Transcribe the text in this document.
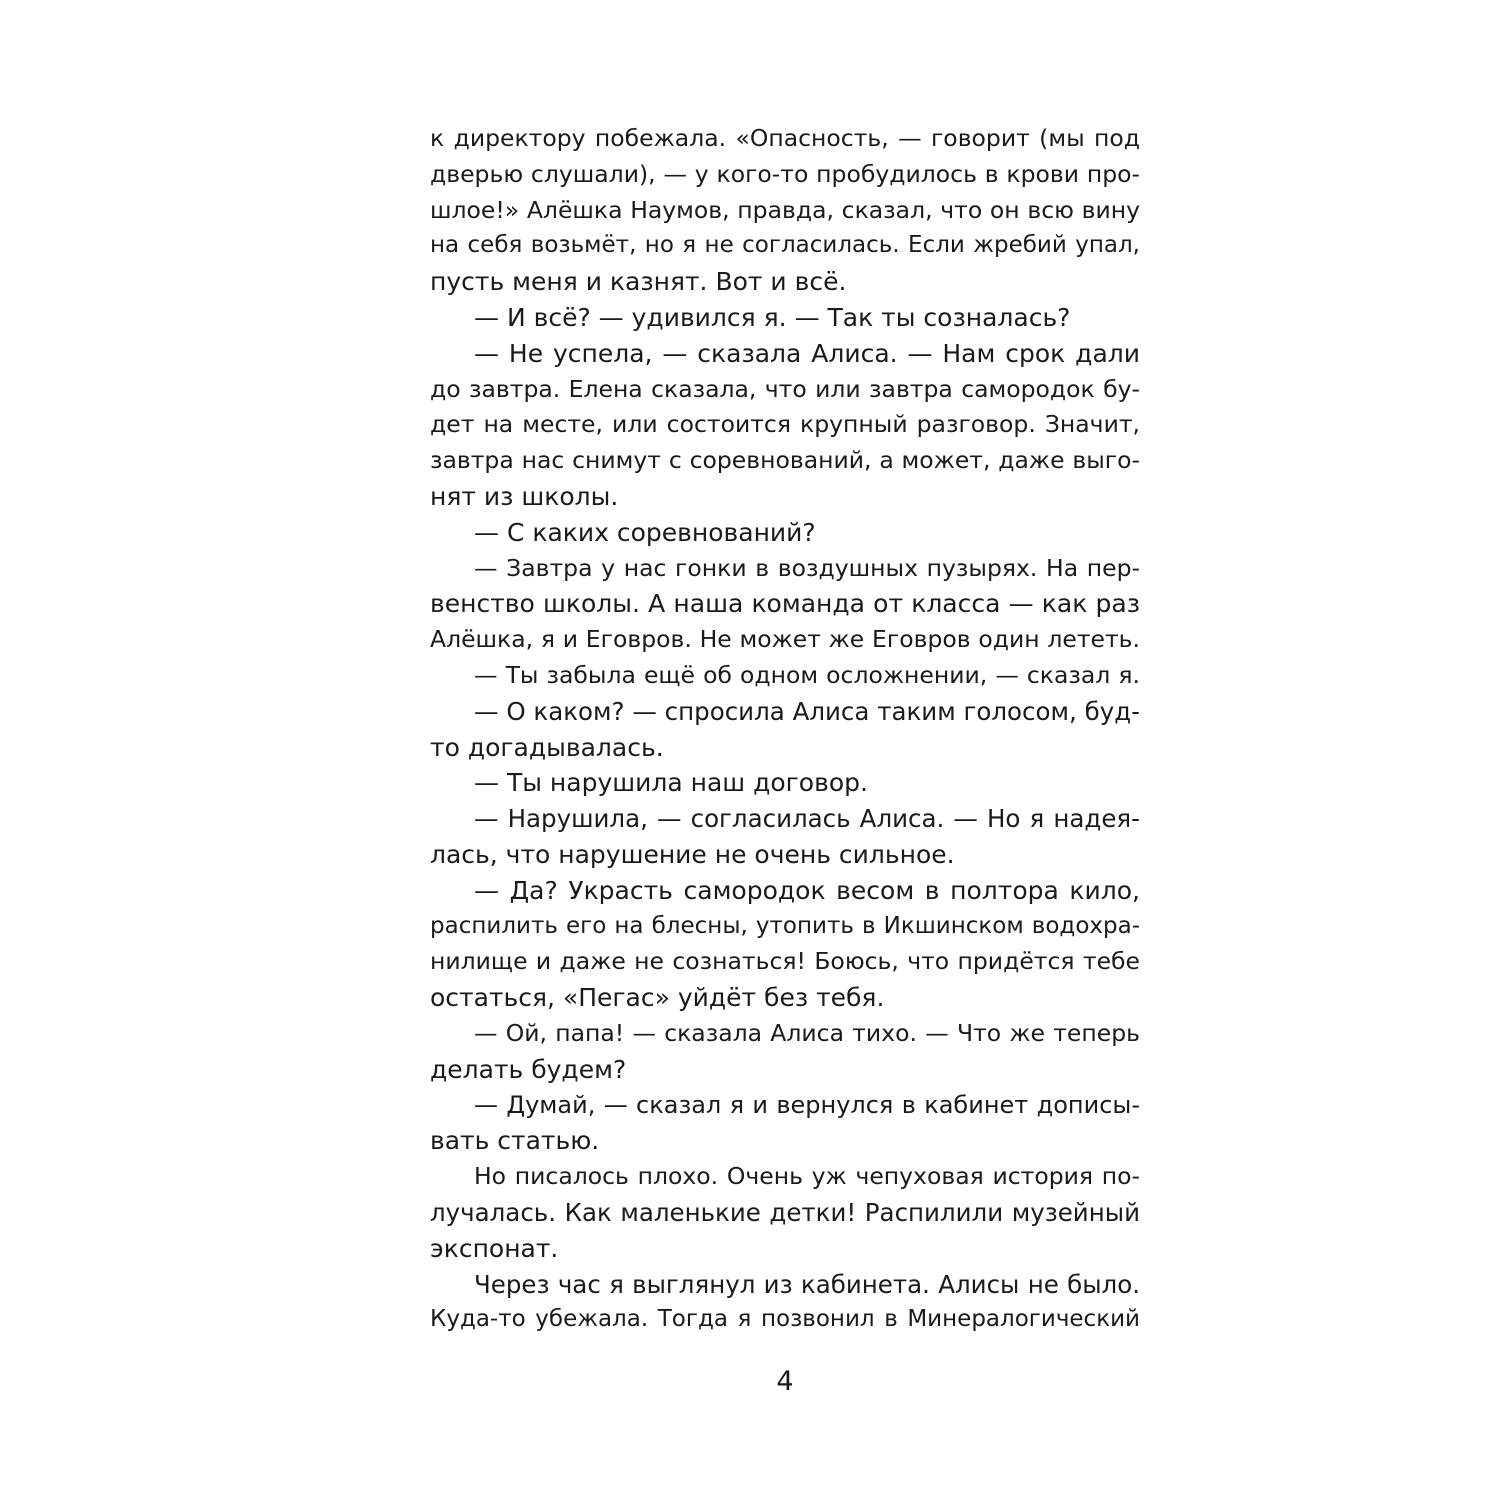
к директору побежала. «Опасность, — говорит (мы под
дверью слушали), — у кого-то пробудилось в крови про-
шлое!» Алёшка Наумов, правда, сказал, что он всю вину
на себя возьмёт, но я не согласилась. Если жребий упал,
пусть меня и казнят. Вот и всё.
— И всё? — удивился я. — Так ты созналась?
— Не успела, — сказала Алиса. — Нам срок дали
до завтра. Елена сказала, что или завтра самородок бу-
дет на месте, или состоится крупный разговор. Значит,
завтра нас снимут с соревнований, а может, даже выго-
нят из школы.
— С каких соревнований?
— Завтра у нас гонки в воздушных пузырях. На пер-
венство школы. А наша команда от класса — как раз
Алёшка, я и Еговров. Не может же Еговров один лететь.
— Ты забыла ещё об одном осложнении, — сказал я.
— О каком? — спросила Алиса таким голосом, буд-
то догадывалась.
— Ты нарушила наш договор.
— Нарушила, — согласилась Алиса. — Но я надея-
лась, что нарушение не очень сильное.
— Да? Украсть самородок весом в полтора кило,
распилить его на блесны, утопить в Икшинском водохра-
нилище и даже не сознаться! Боюсь, что придётся тебе
остаться, «Пегас» уйдёт без тебя.
— Ой, папа! — сказала Алиса тихо. — Что же теперь
делать будем?
— Думай, — сказал я и вернулся в кабинет дописы-
вать статью.
Но писалось плохо. Очень уж чепуховая история по-
лучалась. Как маленькие детки! Распилили музейный
экспонат.
Через час я выглянул из кабинета. Алисы не было.
Куда-то убежала. Тогда я позвонил в Минералогический
4
